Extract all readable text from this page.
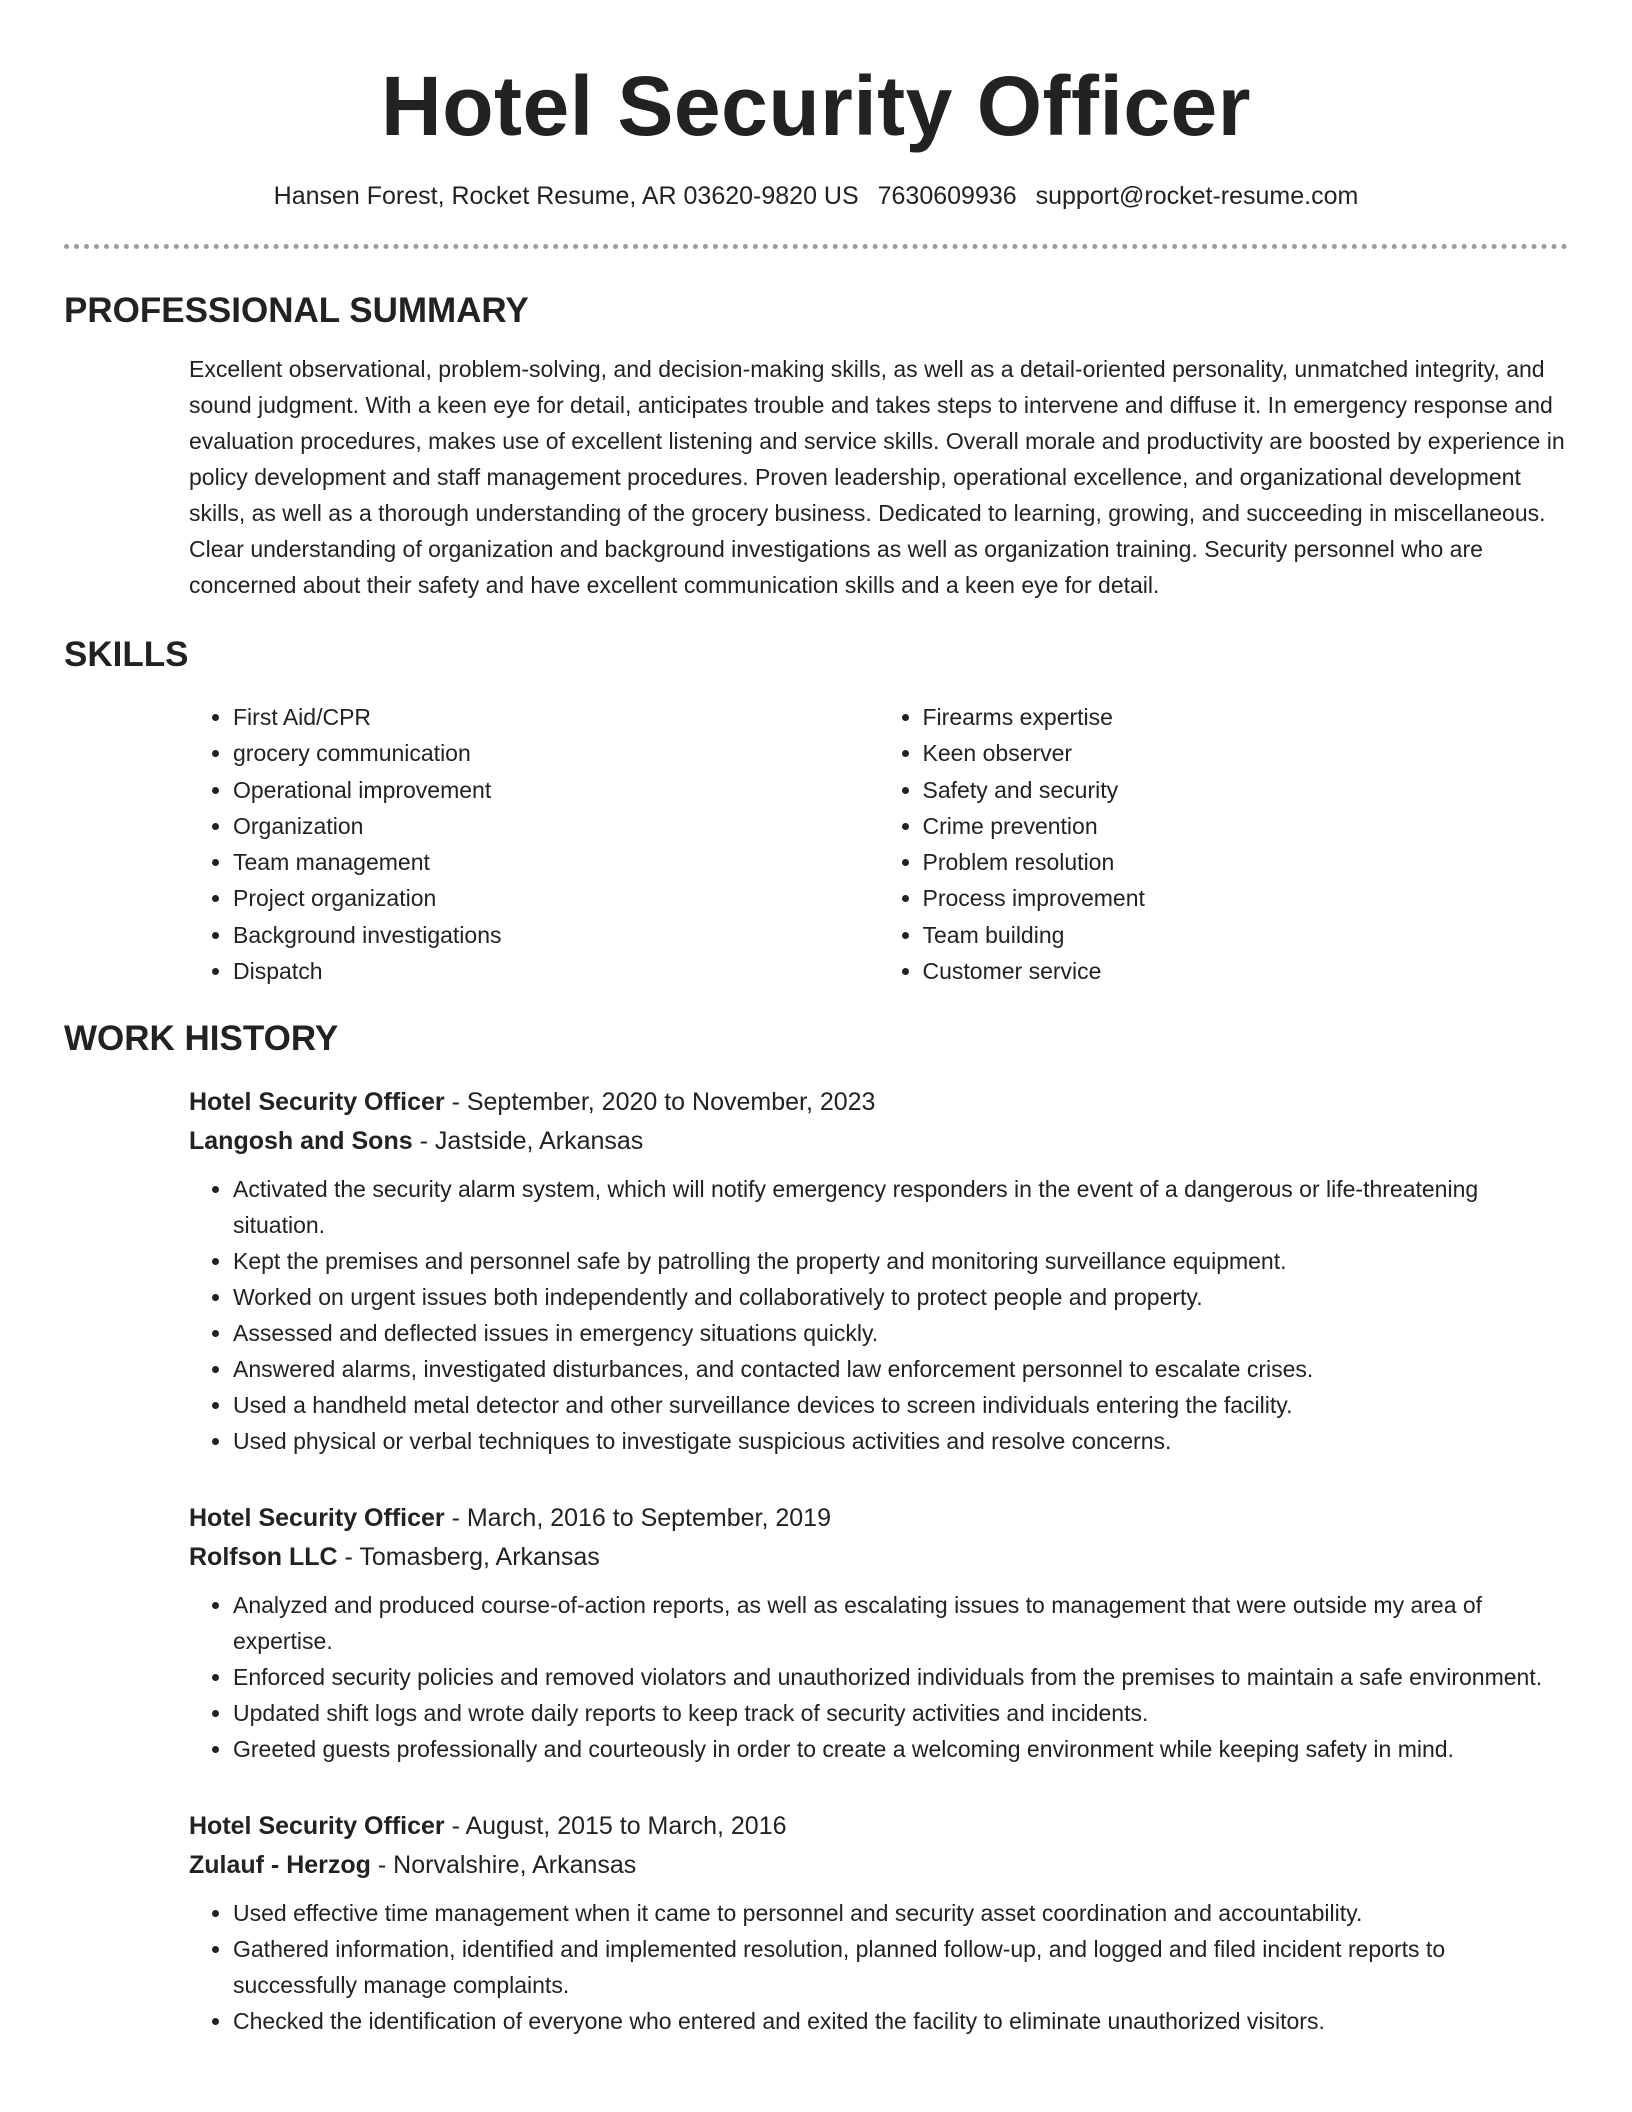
Hotel Security Officer
Hansen Forest, Rocket Resume, AR 03620-9820 US 7630609936 support@rocket-resume.com
PROFESSIONAL SUMMARY
Excellent observational, problem-solving, and decision-making skills, as well as a detail-oriented personality, unmatched integrity, and sound judgment. With a keen eye for detail, anticipates trouble and takes steps to intervene and diffuse it. In emergency response and evaluation procedures, makes use of excellent listening and service skills. Overall morale and productivity are boosted by experience in policy development and staff management procedures. Proven leadership, operational excellence, and organizational development skills, as well as a thorough understanding of the grocery business. Dedicated to learning, growing, and succeeding in miscellaneous. Clear understanding of organization and background investigations as well as organization training. Security personnel who are concerned about their safety and have excellent communication skills and a keen eye for detail.
SKILLS
• First Aid/CPR
• grocery communication
• Operational improvement
• Organization
• Team management
• Project organization
• Background investigations
• Dispatch
• Firearms expertise
• Keen observer
• Safety and security
• Crime prevention
• Problem resolution
• Process improvement
• Team building
• Customer service
WORK HISTORY
Hotel Security Officer - September, 2020 to November, 2023
Langosh and Sons - Jastside, Arkansas
• Activated the security alarm system, which will notify emergency responders in the event of a dangerous or life-threatening situation.
• Kept the premises and personnel safe by patrolling the property and monitoring surveillance equipment.
• Worked on urgent issues both independently and collaboratively to protect people and property.
• Assessed and deflected issues in emergency situations quickly.
• Answered alarms, investigated disturbances, and contacted law enforcement personnel to escalate crises.
• Used a handheld metal detector and other surveillance devices to screen individuals entering the facility.
• Used physical or verbal techniques to investigate suspicious activities and resolve concerns.
Hotel Security Officer - March, 2016 to September, 2019
Rolfson LLC - Tomasberg, Arkansas
• Analyzed and produced course-of-action reports, as well as escalating issues to management that were outside my area of expertise.
• Enforced security policies and removed violators and unauthorized individuals from the premises to maintain a safe environment.
• Updated shift logs and wrote daily reports to keep track of security activities and incidents.
• Greeted guests professionally and courteously in order to create a welcoming environment while keeping safety in mind.
Hotel Security Officer - August, 2015 to March, 2016
Zulauf - Herzog - Norvalshire, Arkansas
• Used effective time management when it came to personnel and security asset coordination and accountability.
• Gathered information, identified and implemented resolution, planned follow-up, and logged and filed incident reports to successfully manage complaints.
• Checked the identification of everyone who entered and exited the facility to eliminate unauthorized visitors.
